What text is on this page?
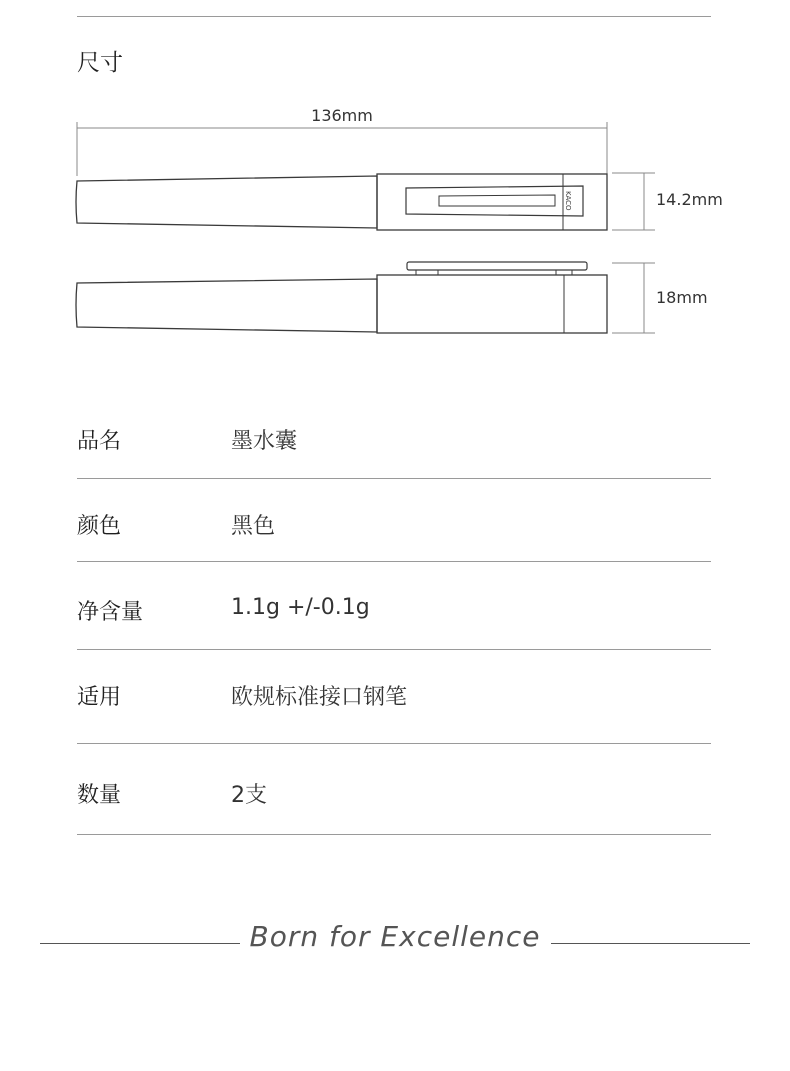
尺寸
136mm
KACO	14.2mm
18mm
品名	墨水囊
颜色	黑色
净含量	1.1g +/-0.1g
适用	欧规标准接口钢笔
数量	2支
Born for Excellence
